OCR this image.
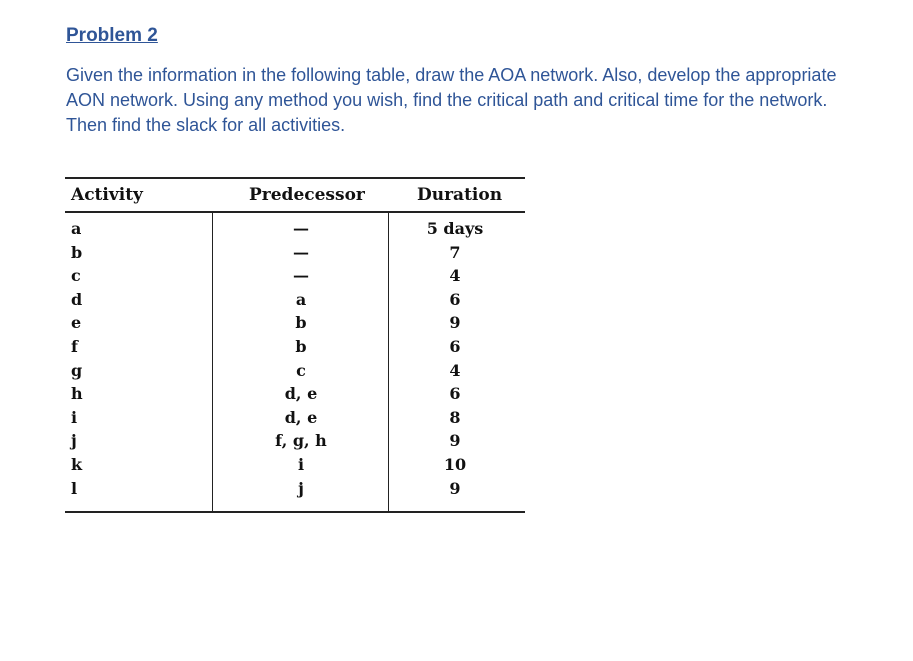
Problem 2

Given the information in the following table, draw the AOA network. Also, develop the appropriate AON network. Using any method you wish, find the critical path and critical time for the network. Then find the slack for all activities.

Activity	Predecessor	Duration
a	—	5 days
b	—	7
c	—	4
d	a	6
e	b	9
f	b	6
g	c	4
h	d, e	6
i	d, e	8
j	f, g, h	9
k	i	10
l	j	9
